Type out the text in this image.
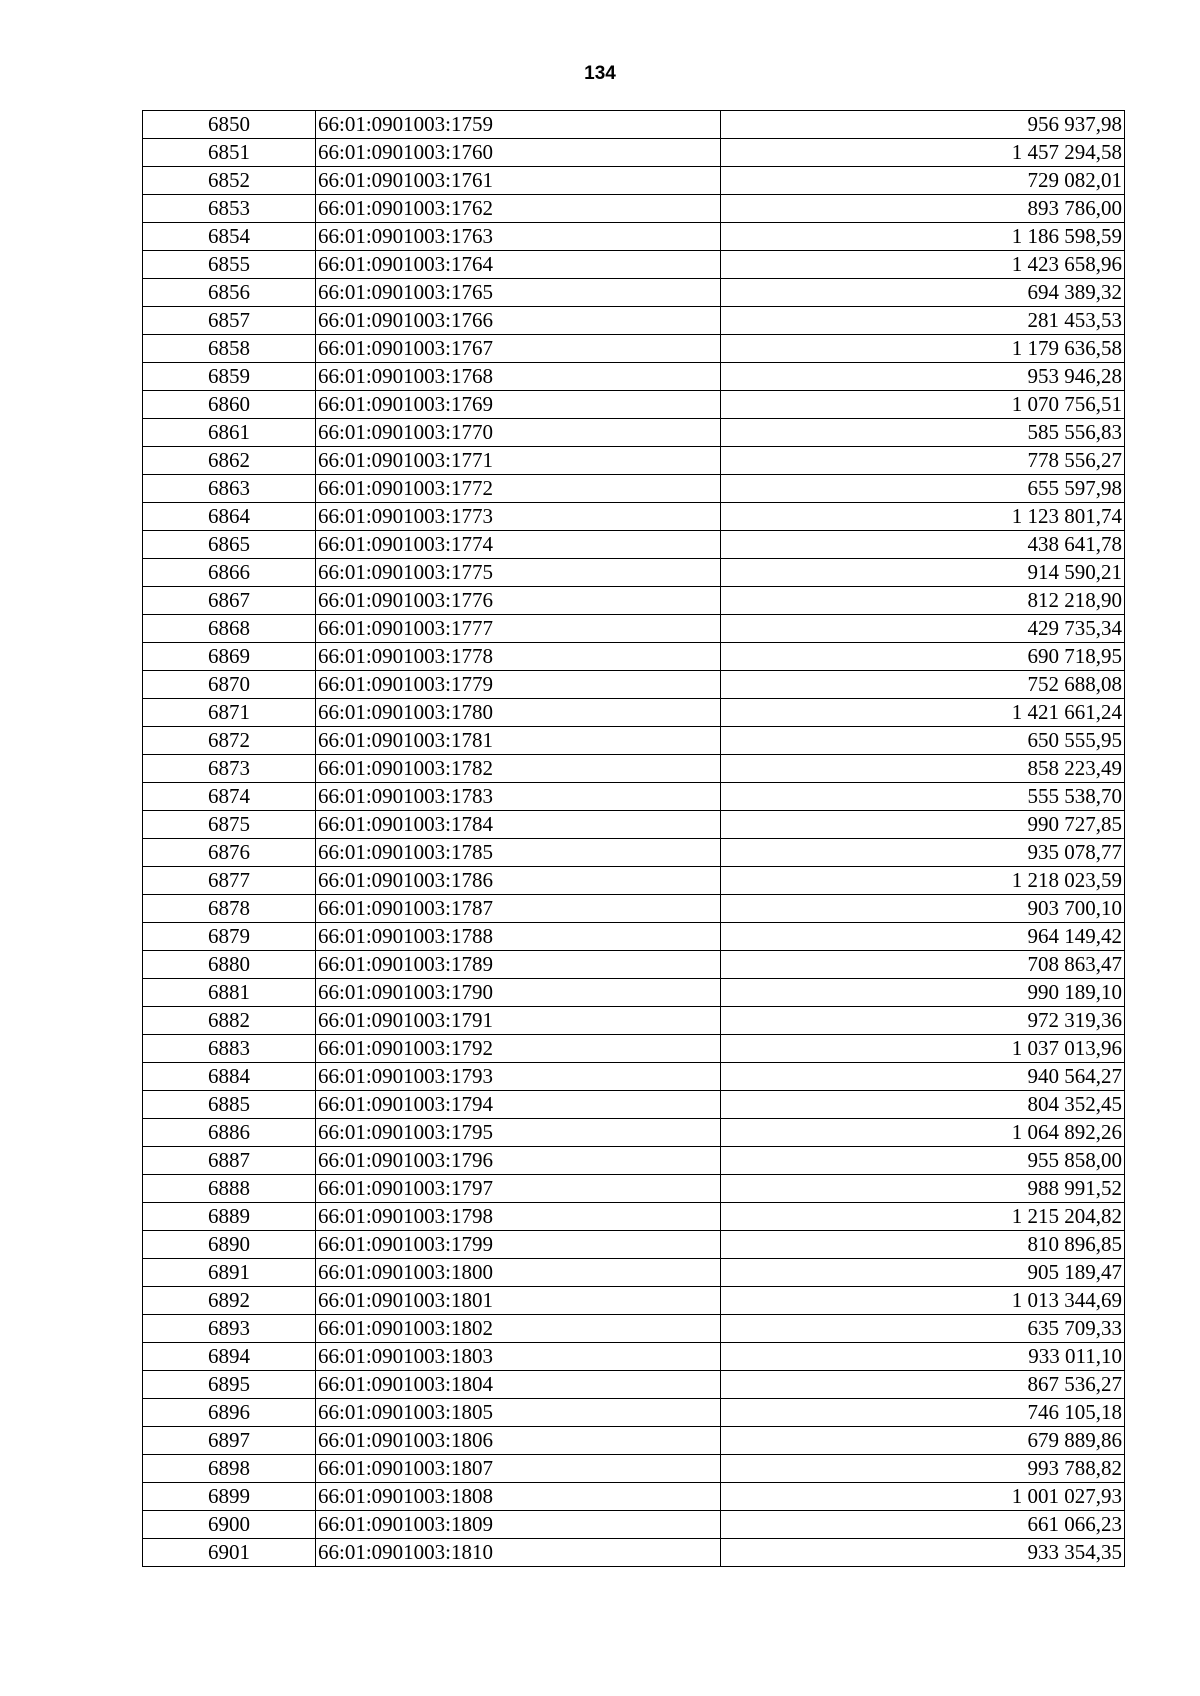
134
6850	66:01:0901003:1759	956 937,98
6851	66:01:0901003:1760	1 457 294,58
6852	66:01:0901003:1761	729 082,01
6853	66:01:0901003:1762	893 786,00
6854	66:01:0901003:1763	1 186 598,59
6855	66:01:0901003:1764	1 423 658,96
6856	66:01:0901003:1765	694 389,32
6857	66:01:0901003:1766	281 453,53
6858	66:01:0901003:1767	1 179 636,58
6859	66:01:0901003:1768	953 946,28
6860	66:01:0901003:1769	1 070 756,51
6861	66:01:0901003:1770	585 556,83
6862	66:01:0901003:1771	778 556,27
6863	66:01:0901003:1772	655 597,98
6864	66:01:0901003:1773	1 123 801,74
6865	66:01:0901003:1774	438 641,78
6866	66:01:0901003:1775	914 590,21
6867	66:01:0901003:1776	812 218,90
6868	66:01:0901003:1777	429 735,34
6869	66:01:0901003:1778	690 718,95
6870	66:01:0901003:1779	752 688,08
6871	66:01:0901003:1780	1 421 661,24
6872	66:01:0901003:1781	650 555,95
6873	66:01:0901003:1782	858 223,49
6874	66:01:0901003:1783	555 538,70
6875	66:01:0901003:1784	990 727,85
6876	66:01:0901003:1785	935 078,77
6877	66:01:0901003:1786	1 218 023,59
6878	66:01:0901003:1787	903 700,10
6879	66:01:0901003:1788	964 149,42
6880	66:01:0901003:1789	708 863,47
6881	66:01:0901003:1790	990 189,10
6882	66:01:0901003:1791	972 319,36
6883	66:01:0901003:1792	1 037 013,96
6884	66:01:0901003:1793	940 564,27
6885	66:01:0901003:1794	804 352,45
6886	66:01:0901003:1795	1 064 892,26
6887	66:01:0901003:1796	955 858,00
6888	66:01:0901003:1797	988 991,52
6889	66:01:0901003:1798	1 215 204,82
6890	66:01:0901003:1799	810 896,85
6891	66:01:0901003:1800	905 189,47
6892	66:01:0901003:1801	1 013 344,69
6893	66:01:0901003:1802	635 709,33
6894	66:01:0901003:1803	933 011,10
6895	66:01:0901003:1804	867 536,27
6896	66:01:0901003:1805	746 105,18
6897	66:01:0901003:1806	679 889,86
6898	66:01:0901003:1807	993 788,82
6899	66:01:0901003:1808	1 001 027,93
6900	66:01:0901003:1809	661 066,23
6901	66:01:0901003:1810	933 354,35
